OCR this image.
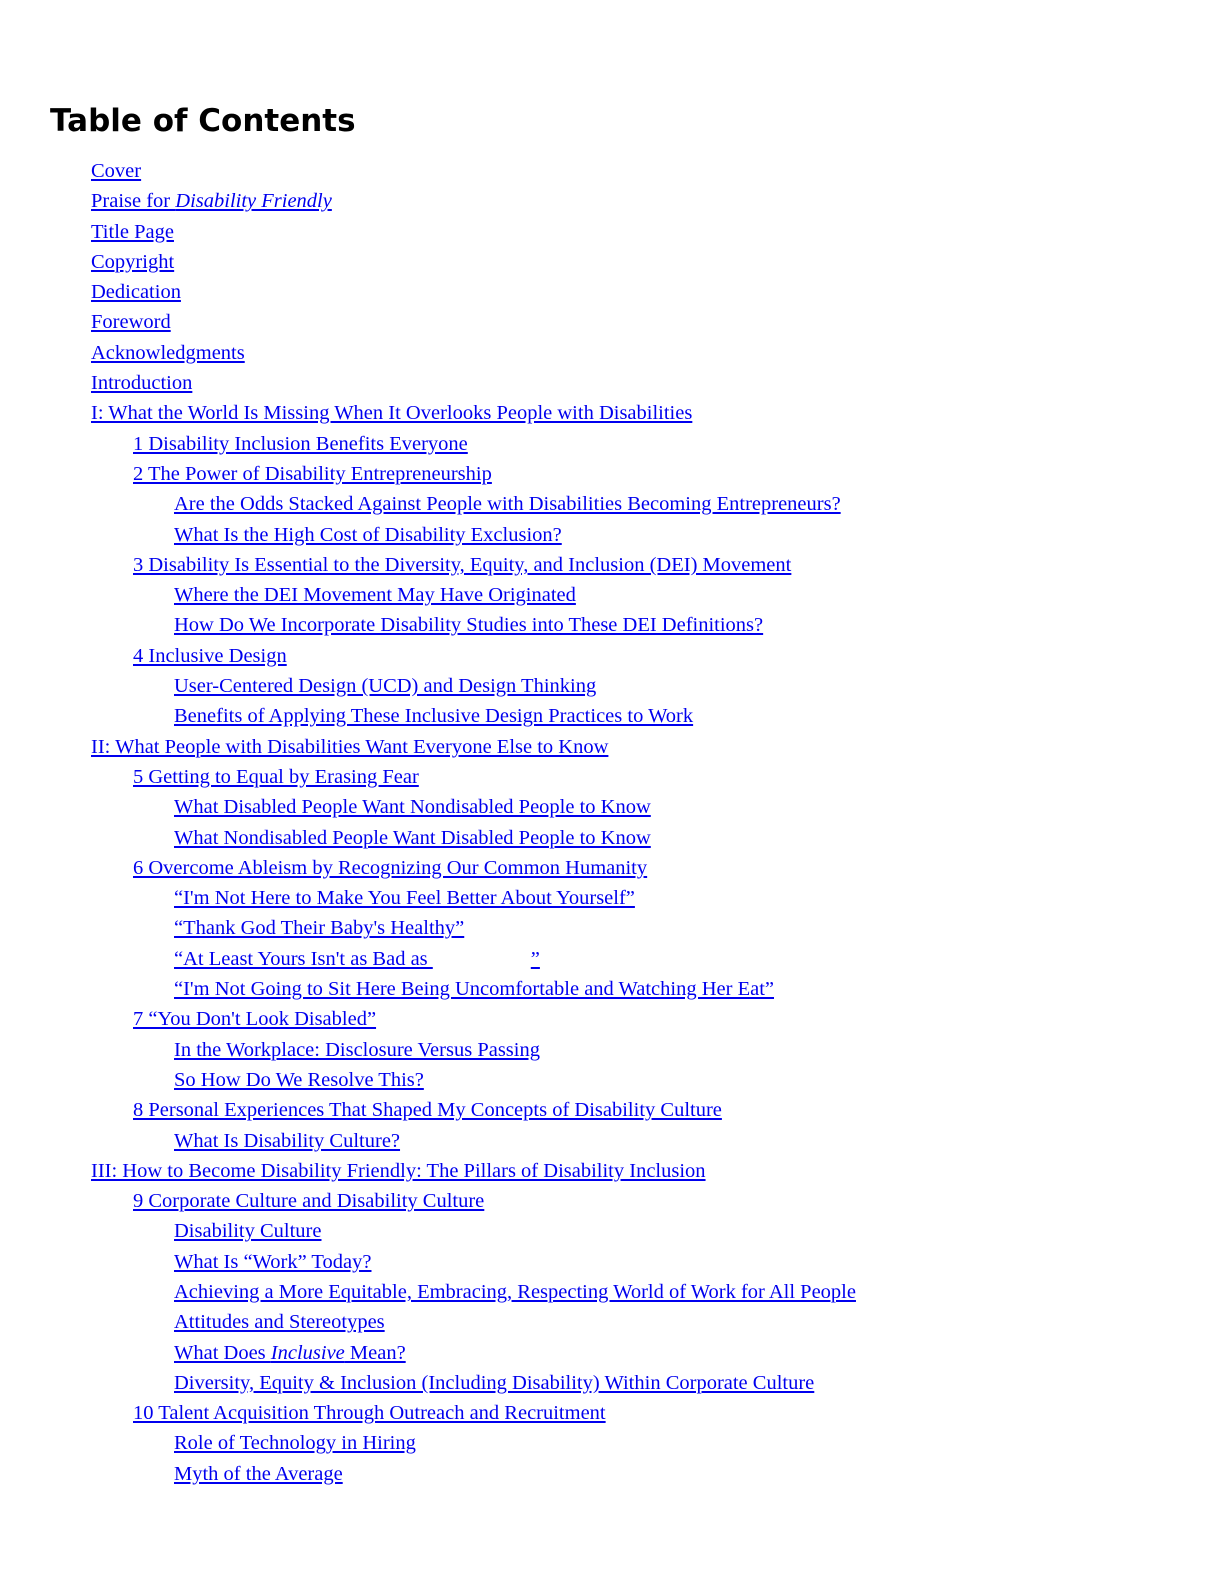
Table of Contents
Cover
Praise for Disability Friendly
Title Page
Copyright
Dedication
Foreword
Acknowledgments
Introduction
I: What the World Is Missing When It Overlooks People with Disabilities
1 Disability Inclusion Benefits Everyone
2 The Power of Disability Entrepreneurship
Are the Odds Stacked Against People with Disabilities Becoming Entrepreneurs?
What Is the High Cost of Disability Exclusion?
3 Disability Is Essential to the Diversity, Equity, and Inclusion (DEI) Movement
Where the DEI Movement May Have Originated
How Do We Incorporate Disability Studies into These DEI Definitions?
4 Inclusive Design
User-Centered Design (UCD) and Design Thinking
Benefits of Applying These Inclusive Design Practices to Work
II: What People with Disabilities Want Everyone Else to Know
5 Getting to Equal by Erasing Fear
What Disabled People Want Nondisabled People to Know
What Nondisabled People Want Disabled People to Know
6 Overcome Ableism by Recognizing Our Common Humanity
“I'm Not Here to Make You Feel Better About Yourself”
“Thank God Their Baby's Healthy”
“At Least Yours Isn't as Bad as	”
“I'm Not Going to Sit Here Being Uncomfortable and Watching Her Eat”
7 “You Don't Look Disabled”
In the Workplace: Disclosure Versus Passing
So How Do We Resolve This?
8 Personal Experiences That Shaped My Concepts of Disability Culture
What Is Disability Culture?
III: How to Become Disability Friendly: The Pillars of Disability Inclusion
9 Corporate Culture and Disability Culture
Disability Culture
What Is “Work” Today?
Achieving a More Equitable, Embracing, Respecting World of Work for All People
Attitudes and Stereotypes
What Does Inclusive Mean?
Diversity, Equity & Inclusion (Including Disability) Within Corporate Culture
10 Talent Acquisition Through Outreach and Recruitment
Role of Technology in Hiring
Myth of the Average
